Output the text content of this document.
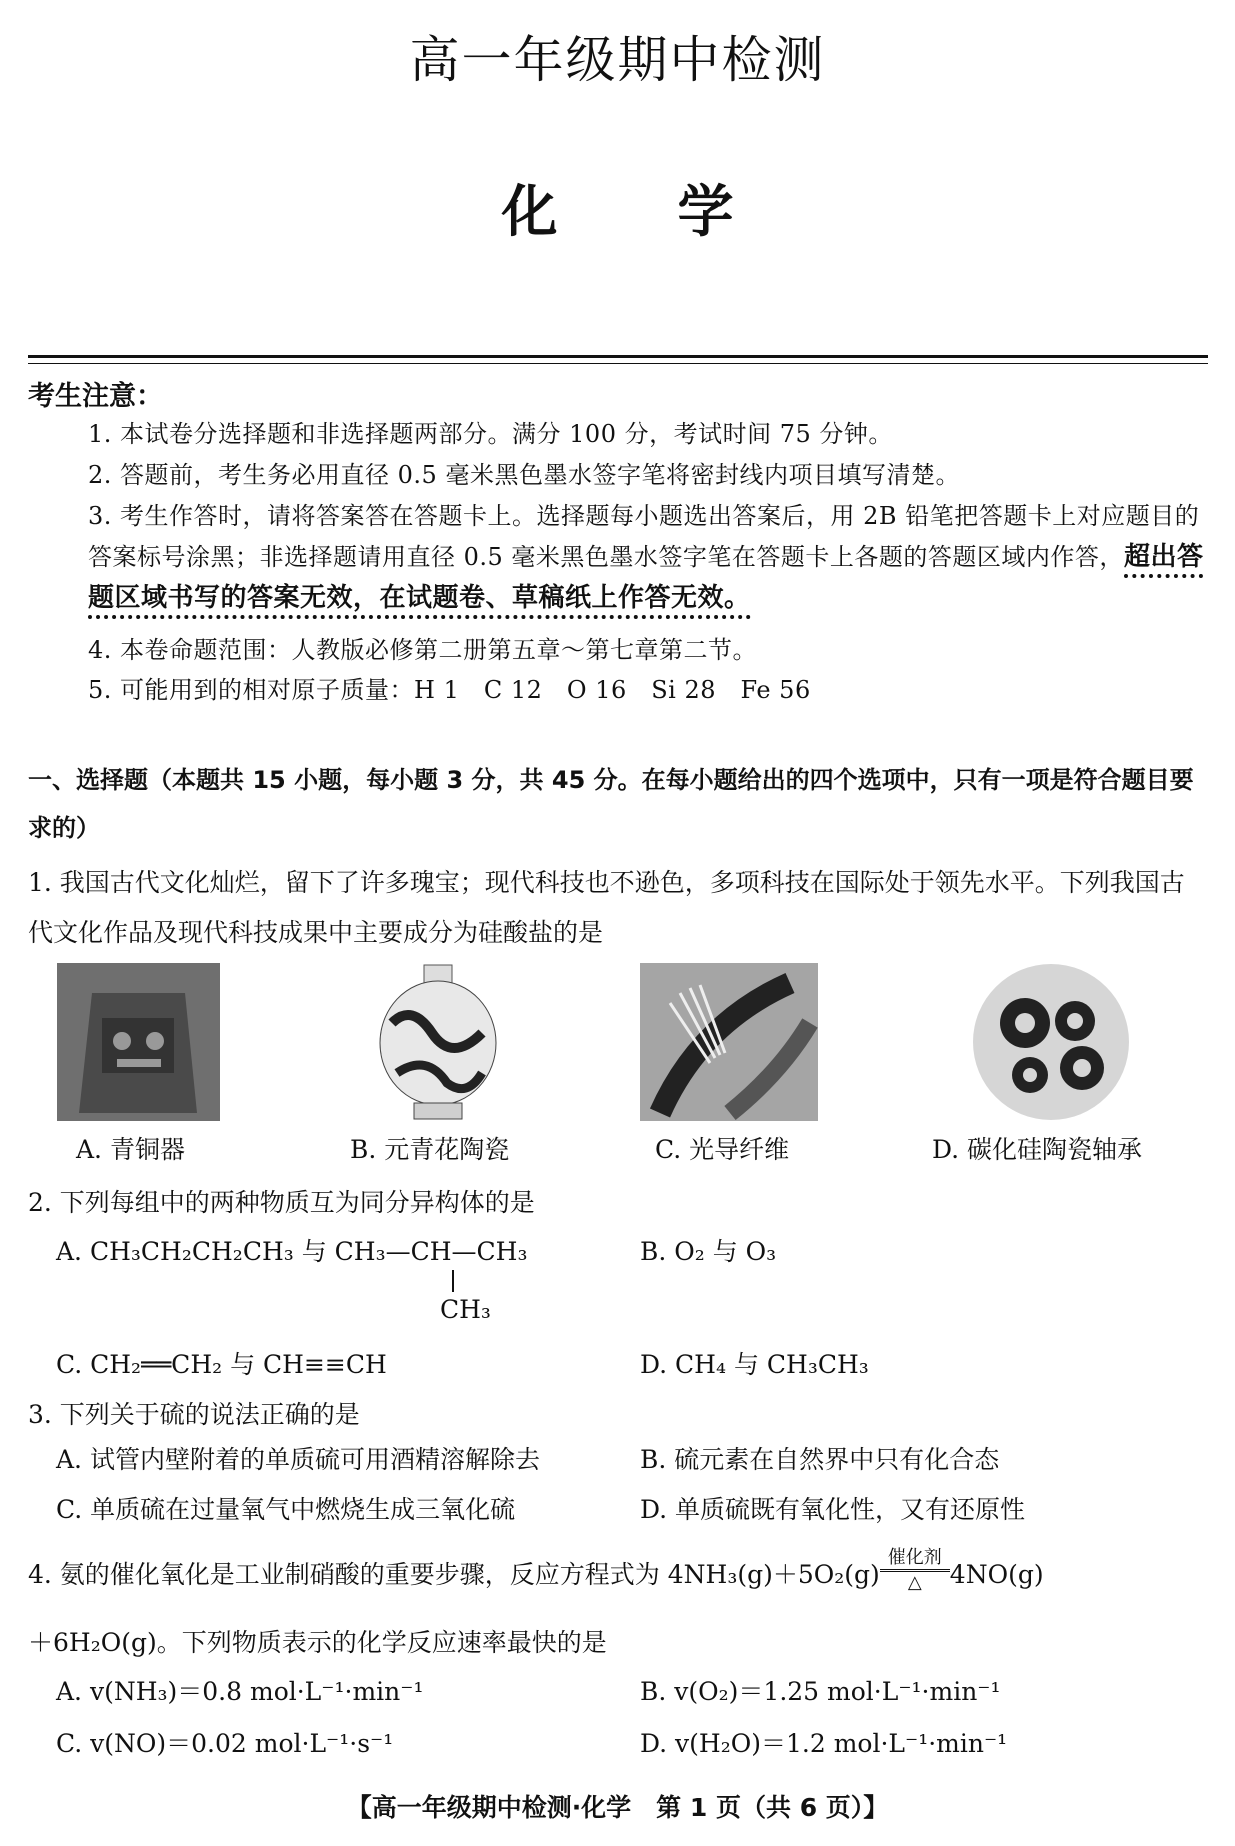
高一年级期中检测
化学
考生注意：
1. 本试卷分选择题和非选择题两部分。满分 100 分，考试时间 75 分钟。
2. 答题前，考生务必用直径 0.5 毫米黑色墨水签字笔将密封线内项目填写清楚。
3. 考生作答时，请将答案答在答题卡上。选择题每小题选出答案后，用 2B 铅笔把答题卡上对应题目的答案标号涂黑；非选择题请用直径 0.5 毫米黑色墨水签字笔在答题卡上各题的答题区域内作答，超出答题区域书写的答案无效，在试题卷、草稿纸上作答无效。
4. 本卷命题范围：人教版必修第二册第五章～第七章第二节。
5. 可能用到的相对原子质量：H 1　C 12　O 16　Si 28　Fe 56
一、选择题（本题共 15 小题，每小题 3 分，共 45 分。在每小题给出的四个选项中，只有一项是符合题目要求的）
1. 我国古代文化灿烂，留下了许多瑰宝；现代科技也不逊色，多项科技在国际处于领先水平。下列我国古代文化作品及现代科技成果中主要成分为硅酸盐的是
A. 青铜器	B. 元青花陶瓷	C. 光导纤维	D. 碳化硅陶瓷轴承
2. 下列每组中的两种物质互为同分异构体的是
A. CH₃CH₂CH₂CH₃ 与 CH₃—CH—CH₃
CH₃
B. O₂ 与 O₃
C. CH₂══CH₂ 与 CH≡≡CH	D. CH₄ 与 CH₃CH₃
3. 下列关于硫的说法正确的是
A. 试管内壁附着的单质硫可用酒精溶解除去	B. 硫元素在自然界中只有化合态
C. 单质硫在过量氧气中燃烧生成三氧化硫	D. 单质硫既有氧化性，又有还原性
4. 氨的催化氧化是工业制硝酸的重要步骤，反应方程式为 $4NH_3(g)+5O_2(g) \frac{\text{催化剂}}{\triangle} 4NO(g)$
＋6H₂O(g)。下列物质表示的化学反应速率最快的是
A. v(NH₃)＝0.8 mol·L⁻¹·min⁻¹	B. v(O₂)＝1.25 mol·L⁻¹·min⁻¹
C. v(NO)＝0.02 mol·L⁻¹·s⁻¹	D. v(H₂O)＝1.2 mol·L⁻¹·min⁻¹
【高一年级期中检测·化学　第 1 页（共 6 页）】
